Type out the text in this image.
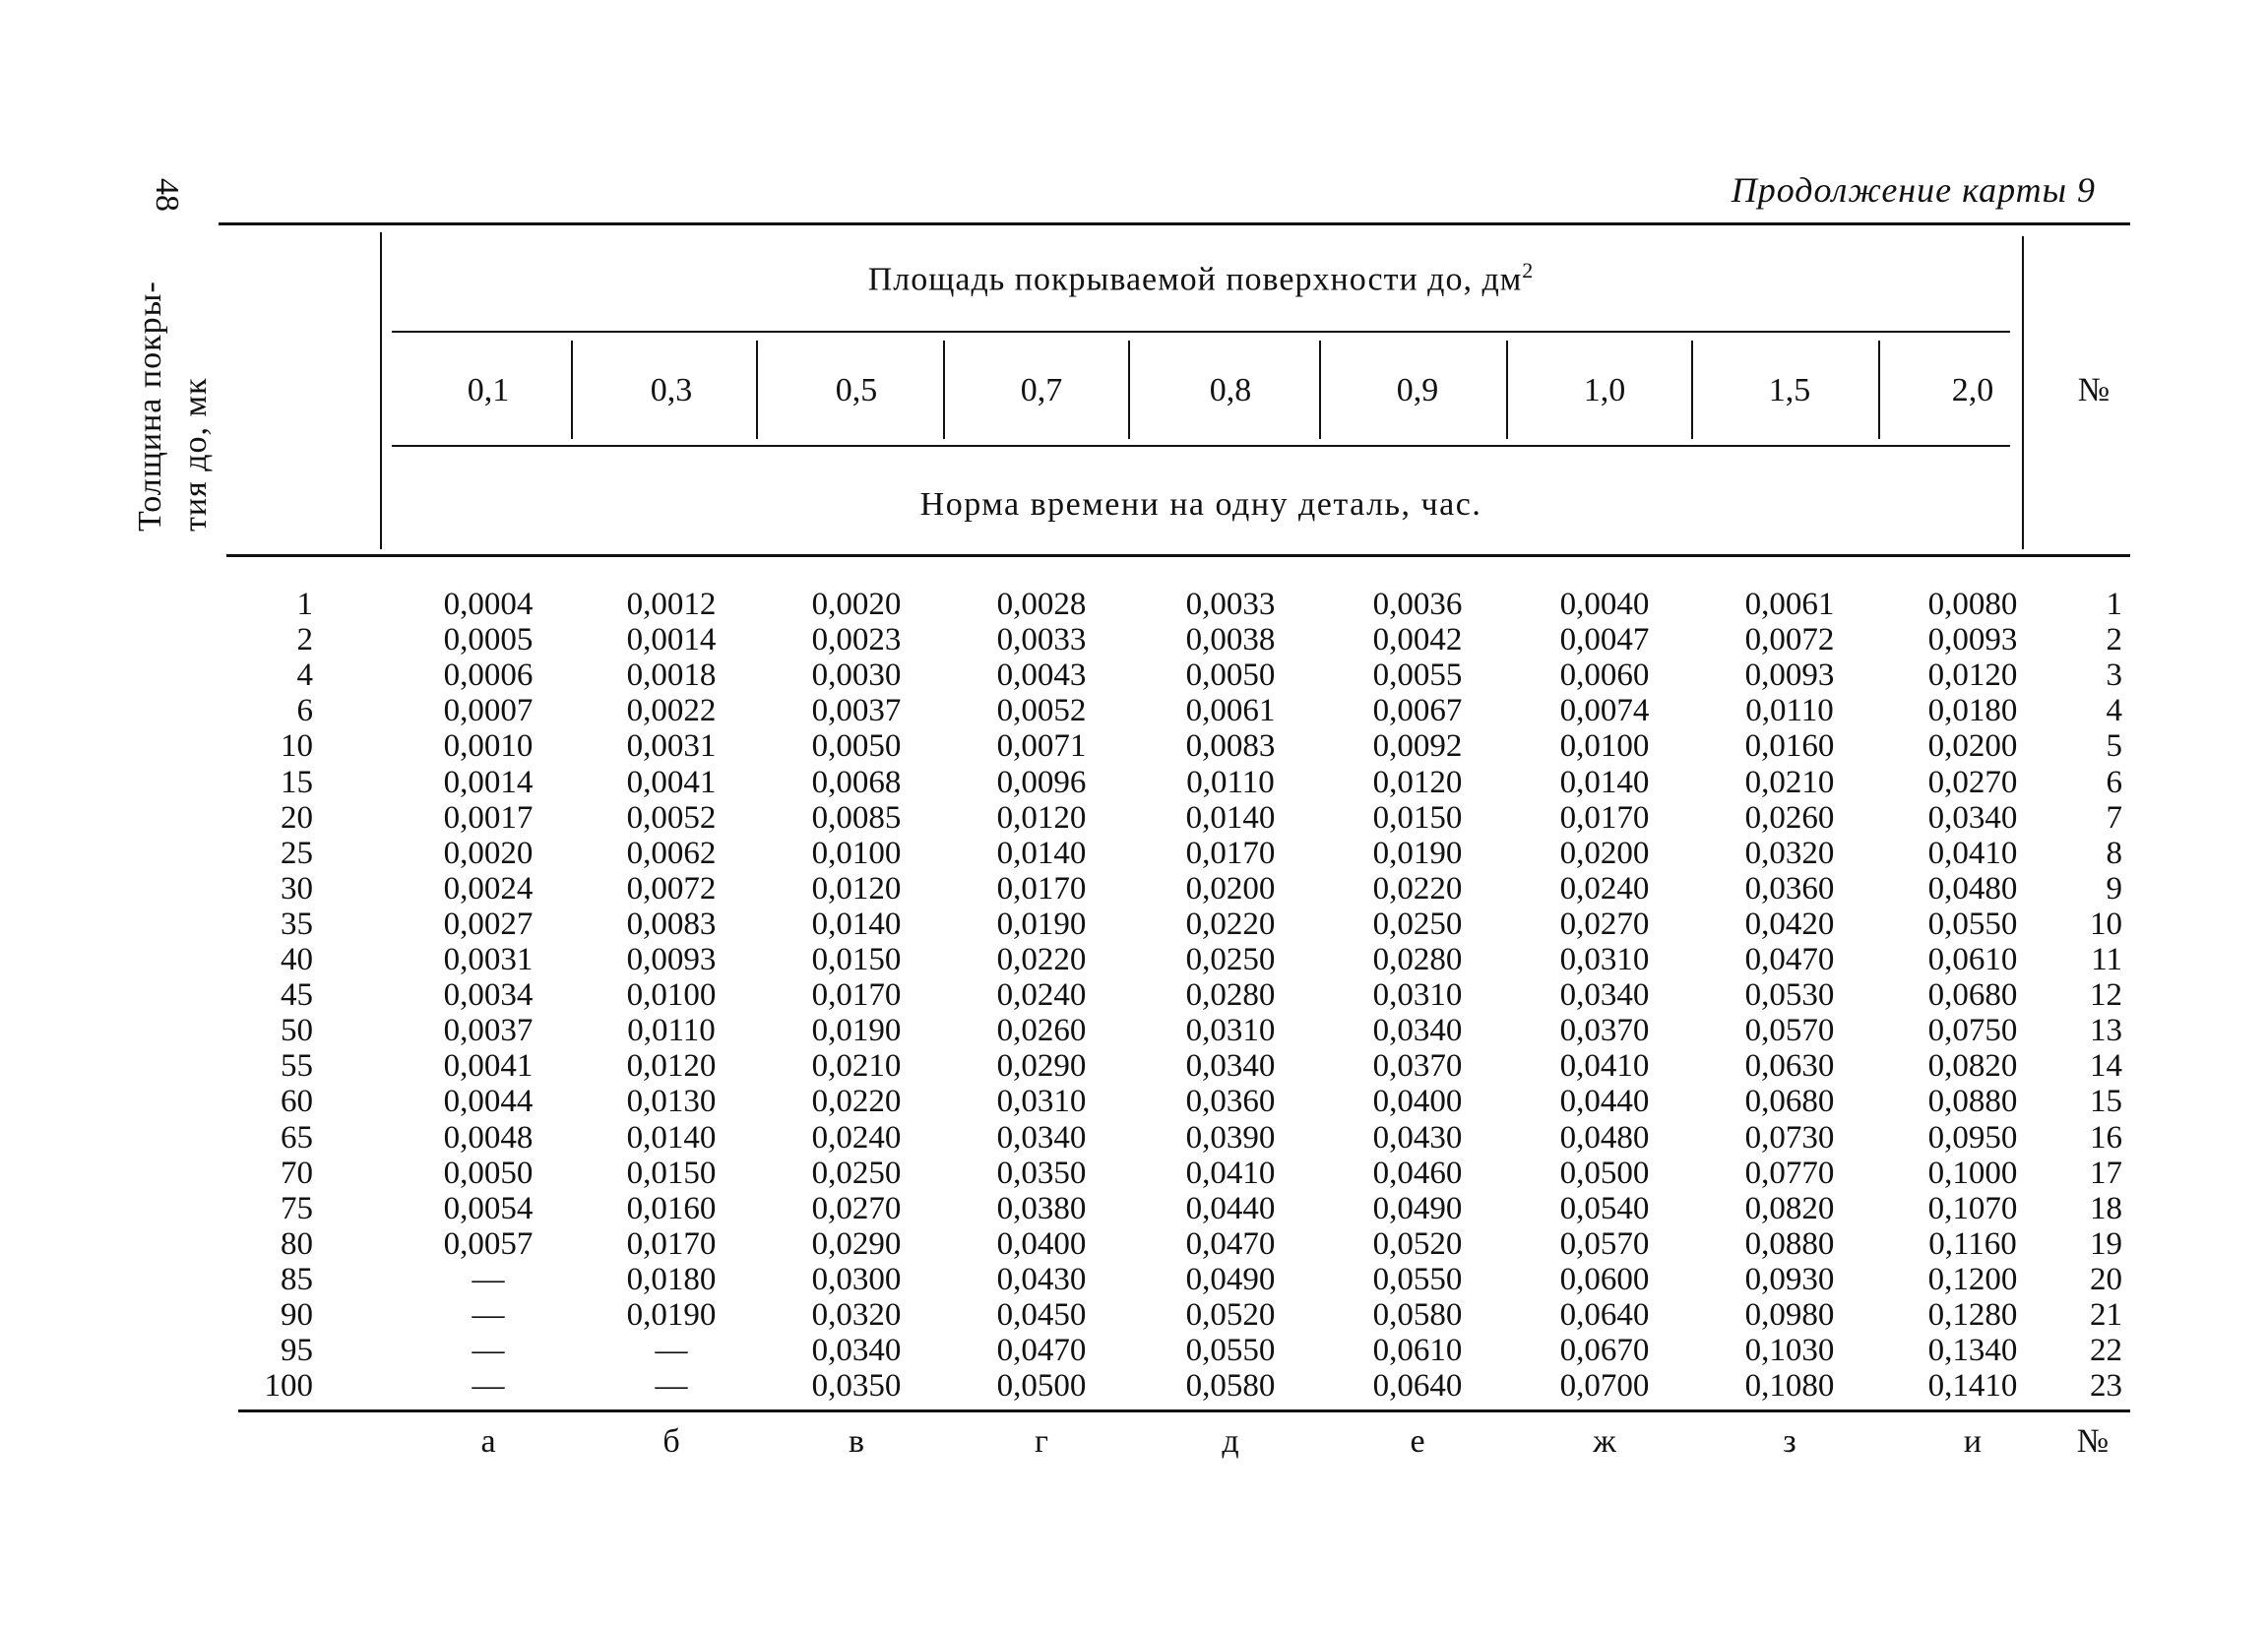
48	Продолжение карты 9
Толщина покры- тия до, мк
Площадь покрываемой поверхности до, $дм^2$
Норма времени на одну деталь, час.
№
0,1	0,3	0,5	0,7	0,8	0,9	1,0	1,5	2,0
1	0,0004	0,0012	0,0020	0,0028	0,0033	0,0036	0,0040	0,0061	0,0080	1
2	0,0005	0,0014	0,0023	0,0033	0,0038	0,0042	0,0047	0,0072	0,0093	2
4	0,0006	0,0018	0,0030	0,0043	0,0050	0,0055	0,0060	0,0093	0,0120	3
6	0,0007	0,0022	0,0037	0,0052	0,0061	0,0067	0,0074	0,0110	0,0180	4
10	0,0010	0,0031	0,0050	0,0071	0,0083	0,0092	0,0100	0,0160	0,0200	5
15	0,0014	0,0041	0,0068	0,0096	0,0110	0,0120	0,0140	0,0210	0,0270	6
20	0,0017	0,0052	0,0085	0,0120	0,0140	0,0150	0,0170	0,0260	0,0340	7
25	0,0020	0,0062	0,0100	0,0140	0,0170	0,0190	0,0200	0,0320	0,0410	8
30	0,0024	0,0072	0,0120	0,0170	0,0200	0,0220	0,0240	0,0360	0,0480	9
35	0,0027	0,0083	0,0140	0,0190	0,0220	0,0250	0,0270	0,0420	0,0550	10
40	0,0031	0,0093	0,0150	0,0220	0,0250	0,0280	0,0310	0,0470	0,0610	11
45	0,0034	0,0100	0,0170	0,0240	0,0280	0,0310	0,0340	0,0530	0,0680	12
50	0,0037	0,0110	0,0190	0,0260	0,0310	0,0340	0,0370	0,0570	0,0750	13
55	0,0041	0,0120	0,0210	0,0290	0,0340	0,0370	0,0410	0,0630	0,0820	14
60	0,0044	0,0130	0,0220	0,0310	0,0360	0,0400	0,0440	0,0680	0,0880	15
65	0,0048	0,0140	0,0240	0,0340	0,0390	0,0430	0,0480	0,0730	0,0950	16
70	0,0050	0,0150	0,0250	0,0350	0,0410	0,0460	0,0500	0,0770	0,1000	17
75	0,0054	0,0160	0,0270	0,0380	0,0440	0,0490	0,0540	0,0820	0,1070	18
80	0,0057	0,0170	0,0290	0,0400	0,0470	0,0520	0,0570	0,0880	0,1160	19
85	—	0,0180	0,0300	0,0430	0,0490	0,0550	0,0600	0,0930	0,1200	20
90	—	0,0190	0,0320	0,0450	0,0520	0,0580	0,0640	0,0980	0,1280	21
95	—	—	0,0340	0,0470	0,0550	0,0610	0,0670	0,1030	0,1340	22
100	—	—	0,0350	0,0500	0,0580	0,0640	0,0700	0,1080	0,1410	23
а	б	в	г	д	е	ж	з	и	№
